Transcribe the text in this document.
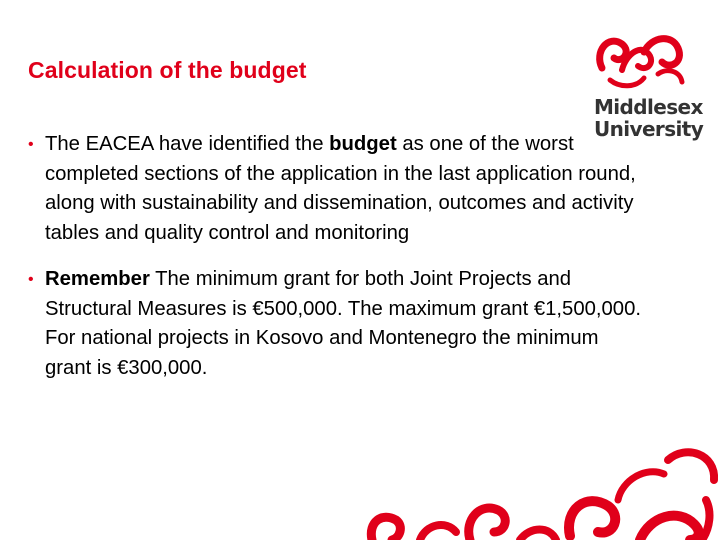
Calculation of the budget
Middlesex
University
• The EACEA have identified the budget as one of the worst completed sections of the application in the last application round, along with sustainability and dissemination, outcomes and activity tables and quality control and monitoring
• Remember The minimum grant for both Joint Projects and Structural Measures is €500,000. The maximum grant €1,500,000. For national projects in Kosovo and Montenegro the minimum grant is €300,000.
